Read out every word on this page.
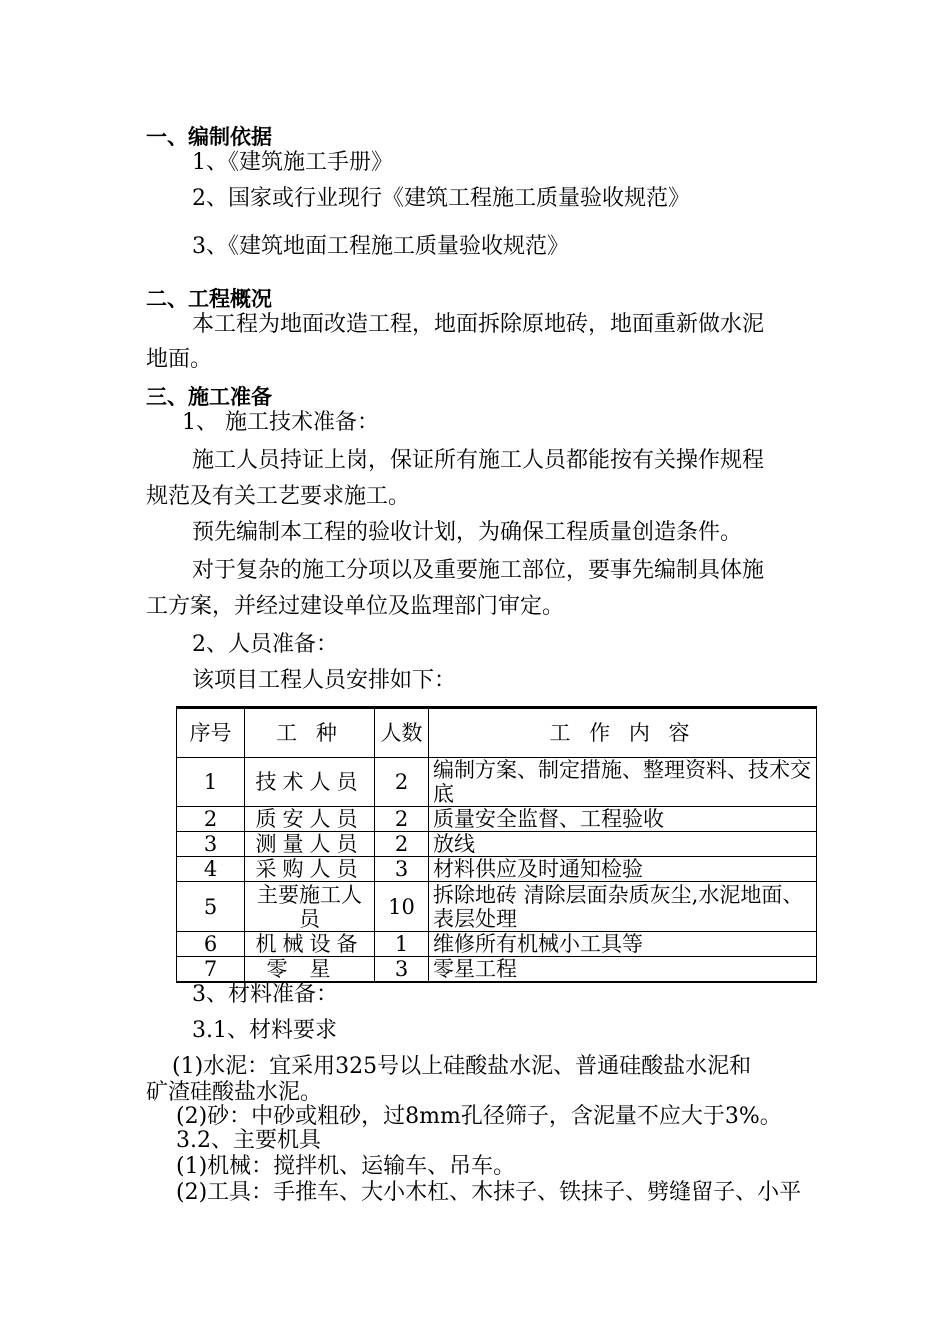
一、编制依据
1、《建筑施工手册》
2、国家或行业现行《建筑工程施工质量验收规范》
3、《建筑地面工程施工质量验收规范》
二、工程概况
本工程为地面改造工程，地面拆除原地砖，地面重新做水泥
地面。
三、施工准备
1、 施工技术准备：
施工人员持证上岗，保证所有施工人员都能按有关操作规程
规范及有关工艺要求施工。
预先编制本工程的验收计划，为确保工程质量创造条件。
对于复杂的施工分项以及重要施工部位，要事先编制具体施
工方案，并经过建设单位及监理部门审定。
2、人员准备：
该项目工程人员安排如下：
序号	工 种	人数	工 作 内 容
1	技术人员	2	编制方案、制定措施、整理资料、技术交底
2	质安人员	2	质量安全监督、工程验收
3	测量人员	2	放线
4	采购人员	3	材料供应及时通知检验
5	主要施工人员	10	拆除地砖 清除层面杂质灰尘,水泥地面、表层处理
6	机械设备	1	维修所有机械小工具等
7	零星	3	零星工程
3、材料准备：
3.1、材料要求
(1)水泥：宜采用325号以上硅酸盐水泥、普通硅酸盐水泥和
矿渣硅酸盐水泥。
(2)砂：中砂或粗砂，过8mm孔径筛子，含泥量不应大于3%。
3.2、主要机具
(1)机械：搅拌机、运输车、吊车。
(2)工具：手推车、大小木杠、木抹子、铁抹子、劈缝留子、小平
